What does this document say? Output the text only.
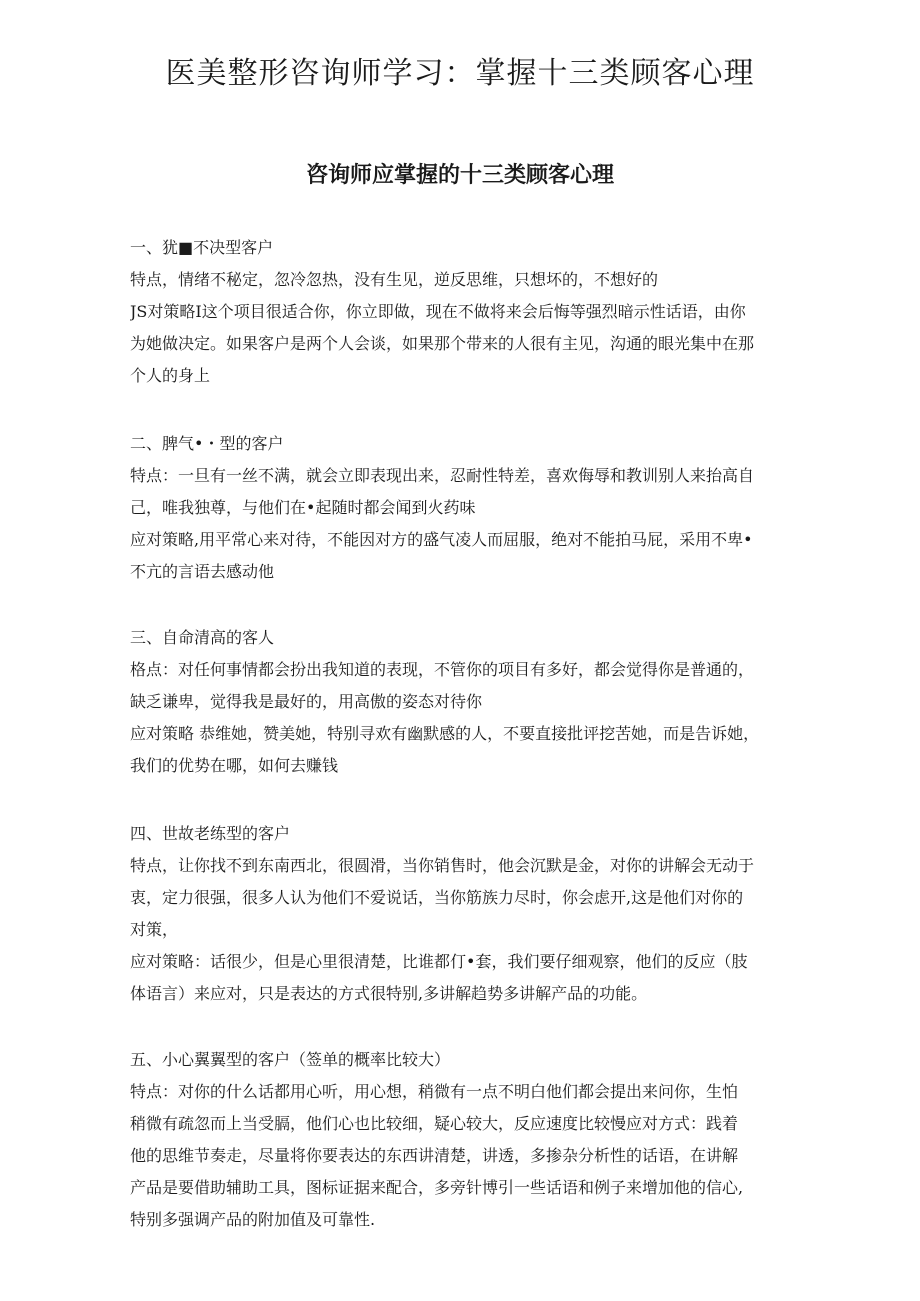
医美整形咨询师学习：掌握十三类顾客心理
咨询师应掌握的十三类顾客心理

一、犹■不决型客户

特点，情绪不秘定，忽冷忽热，没有生见，逆反思维，只想坏的，不想好的

JS对策略I这个项目很适合你，你立即做，现在不做将来会后悔等强烈暗示性话语，由你

为她做决定。如果客户是两个人会谈，如果那个带来的人很有主见，沟通的眼光集中在那

个人的身上

二、脾气•・型的客户

特点：一旦有一丝不满，就会立即表现出来，忍耐性特差，喜欢侮辱和教训别人来抬高自

己，唯我独尊，与他们在•起随时都会闻到火药味

应对策略,用平常心来对待，不能因对方的盛气凌人而屈服，绝对不能拍马屁，采用不卑•

不亢的言语去感动他

三、自命清高的客人

格点：对任何事情都会扮出我知道的表现，不管你的项目有多好，都会觉得你是普通的，

缺乏谦卑，觉得我是最好的，用高傲的姿态对待你

应对策略 恭维她，赞美她，特别寻欢有幽默感的人，不要直接批评挖苦她，而是告诉她，

我们的优势在哪，如何去赚钱

四、世故老练型的客户

特点，让你找不到东南西北，很圆滑，当你销售时，他会沉默是金，对你的讲解会无动于

衷，定力很强，很多人认为他们不爱说话，当你筋族力尽时，你会虑开,这是他们对你的

对策，

应对策略：话很少，但是心里很清楚，比谁都仃•套，我们要仔细观察，他们的反应（肢

体语言）来应对，只是表达的方式很特别,多讲解趋势多讲解产品的功能。

五、小心翼翼型的客户（签单的概率比较大）

特点：对你的什么话都用心听，用心想，稍微有一点不明白他们都会提出来问你，生怕

稍微有疏忽而上当受膈，他们心也比较细，疑心较大，反应速度比较慢应对方式：践着

他的思维节奏走，尽量将你要表达的东西讲清楚，讲透，多掺杂分析性的话语，在讲解

产品是要借助辅助工具，图标证据来配合，多旁针博引一些话语和例子来增加他的信心,

特别多强调产品的附加值及可靠性.
